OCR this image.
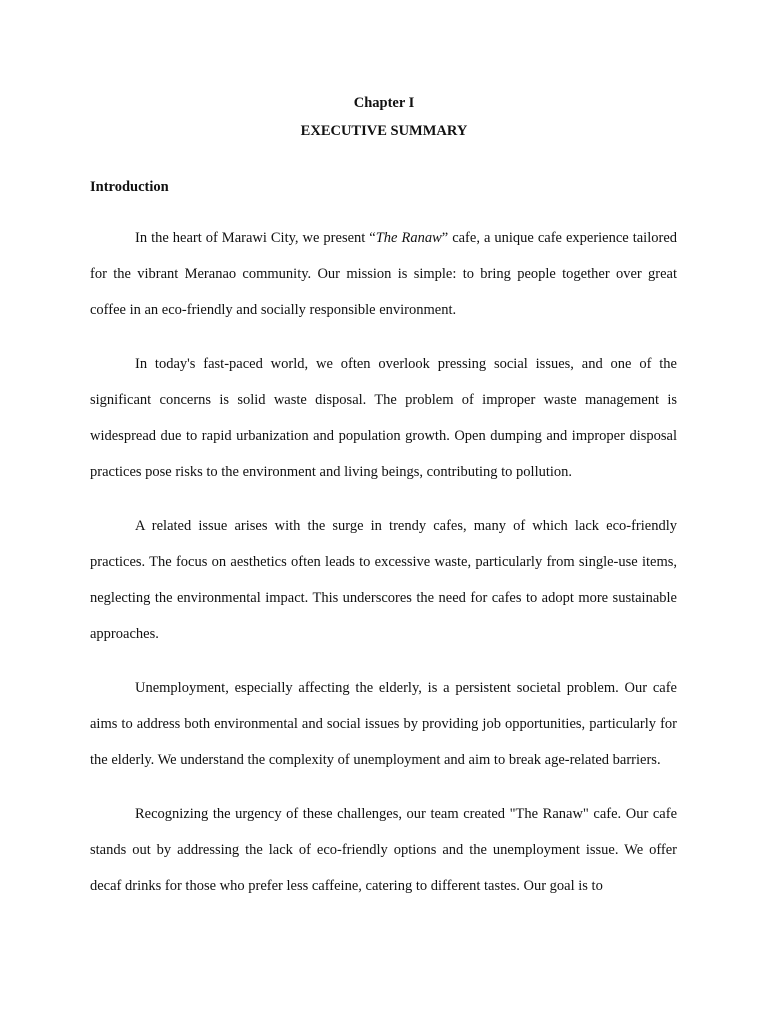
Chapter I
EXECUTIVE SUMMARY
Introduction

In the heart of Marawi City, we present “The Ranaw” cafe, a unique cafe experience tailored for the vibrant Meranao community. Our mission is simple: to bring people together over great coffee in an eco-friendly and socially responsible environment.

In today's fast-paced world, we often overlook pressing social issues, and one of the significant concerns is solid waste disposal. The problem of improper waste management is widespread due to rapid urbanization and population growth. Open dumping and improper disposal practices pose risks to the environment and living beings, contributing to pollution.

A related issue arises with the surge in trendy cafes, many of which lack eco-friendly practices. The focus on aesthetics often leads to excessive waste, particularly from single-use items, neglecting the environmental impact. This underscores the need for cafes to adopt more sustainable approaches.

Unemployment, especially affecting the elderly, is a persistent societal problem. Our cafe aims to address both environmental and social issues by providing job opportunities, particularly for the elderly. We understand the complexity of unemployment and aim to break age-related barriers.

Recognizing the urgency of these challenges, our team created "The Ranaw" cafe. Our cafe stands out by addressing the lack of eco-friendly options and the unemployment issue. We offer decaf drinks for those who prefer less caffeine, catering to different tastes. Our goal is to
